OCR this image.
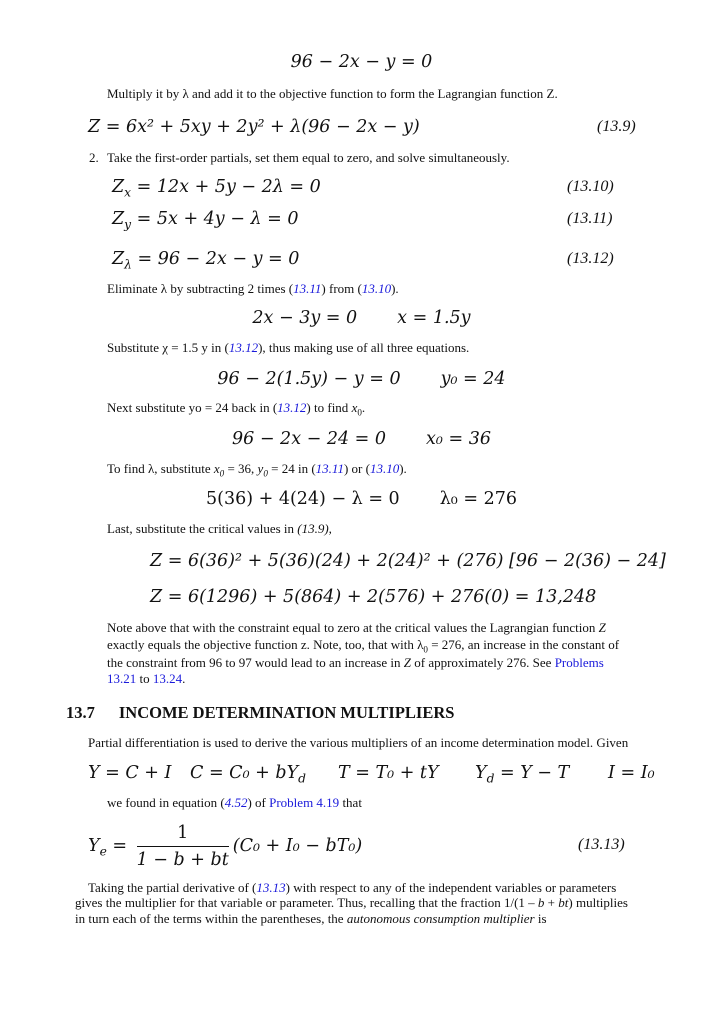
96 − 2x − y = 0
Multiply it by λ and add it to the objective function to form the Lagrangian function Z.
Z = 6x² + 5xy + 2y² + λ(96 − 2x − y)	(13.9)
2. Take the first-order partials, set them equal to zero, and solve simultaneously.
$Z_x = 12x + 5y - 2\lambda = 0$	(13.10)
$Z_y = 5x + 4y - \lambda = 0$	(13.11)
$Z_\lambda = 96 - 2x - y = 0$	(13.12)
Eliminate λ by subtracting 2 times (13.11) from (13.10).
2x − 3y = 0 x = 1.5y
Substitute χ = 1.5 y in (13.12), thus making use of all three equations.
96 − 2(1.5y) − y = 0 y₀ = 24
Next substitute yo = 24 back in (13.12) to find $x_0$.
96 − 2x − 24 = 0 x₀ = 36
To find λ, substitute $x_0 = 36$, $y_0 = 24$ in (13.11) or (13.10).
5(36) + 4(24) − λ = 0 λ₀ = 276
Last, substitute the critical values in (13.9),
Z = 6(36)² + 5(36)(24) + 2(24)² + (276) [96 − 2(36) − 24]
Z = 6(1296) + 5(864) + 2(576) + 276(0) = 13,248
Note above that with the constraint equal to zero at the critical values the Lagrangian function Z
exactly equals the objective function z. Note, too, that with $\lambda_0 = 276$, an increase in the constant of
the constraint from 96 to 97 would lead to an increase in Z of approximately 276. See Problems
13.21 to 13.24.
13.7 INCOME DETERMINATION MULTIPLIERS
Partial differentiation is used to derive the various multipliers of an income determination model. Given
Y = C + I $C = C_0 + bY_d$ T = T₀ + tY $Y_d = Y - T$ I = I₀
we found in equation (4.52) of Problem 4.19 that
$Y_e = \frac{1}{1 - b + bt} (C_0 + I_0 - bT_0)$	(13.13)
Taking the partial derivative of (13.13) with respect to any of the independent variables or parameters
gives the multiplier for that variable or parameter. Thus, recalling that the fraction 1/(1 – b + bt) multiplies
in turn each of the terms within the parentheses, the autonomous consumption multiplier is
